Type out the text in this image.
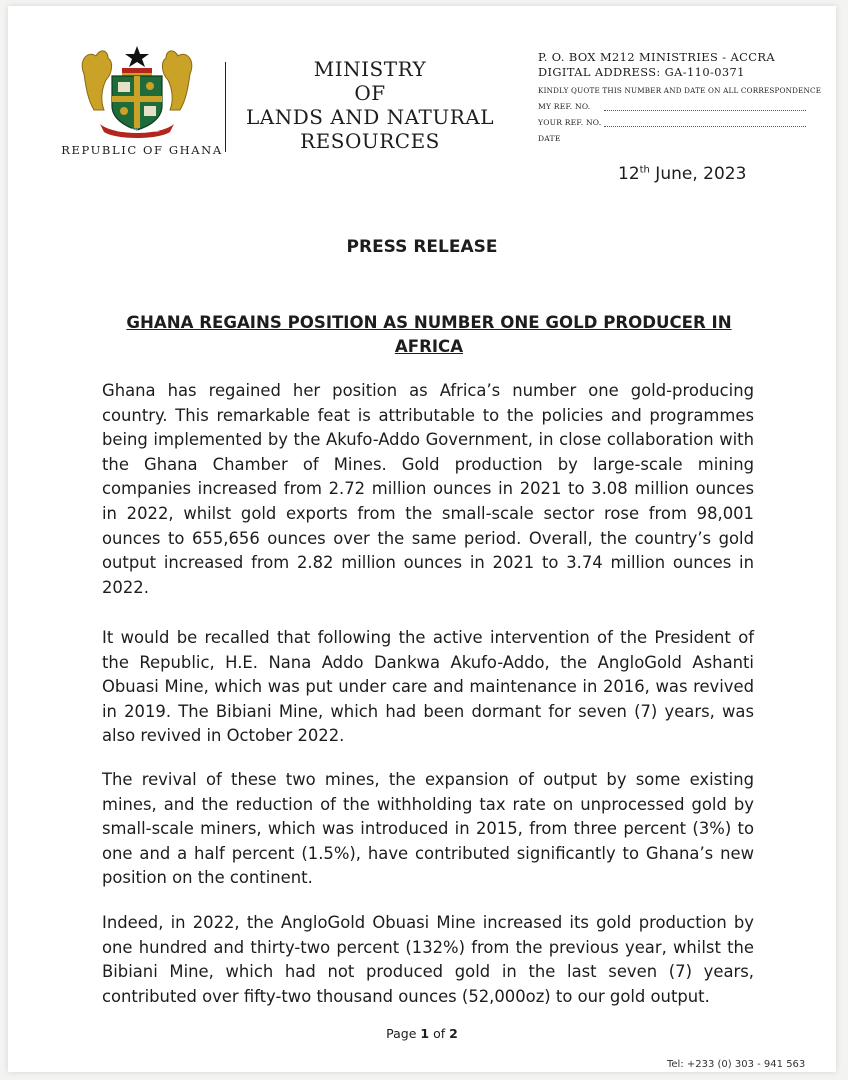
FREEDOM JUSTICE
REPUBLIC OF GHANA
MINISTRY
OF
LANDS AND NATURAL
RESOURCES
P. O. BOX M212 MINISTRIES - ACCRA
DIGITAL ADDRESS: GA-110-0371
KINDLY QUOTE THIS NUMBER AND DATE ON ALL CORRESPONDENCE
MY REF. NO.
YOUR REF. NO.
DATE
12th June, 2023
PRESS RELEASE
GHANA REGAINS POSITION AS NUMBER ONE GOLD PRODUCER IN AFRICA

Ghana has regained her position as Africa’s number one gold-producing country. This remarkable feat is attributable to the policies and programmes being implemented by the Akufo-Addo Government, in close collaboration with the Ghana Chamber of Mines. Gold production by large-scale mining companies increased from 2.72 million ounces in 2021 to 3.08 million ounces in 2022, whilst gold exports from the small-scale sector rose from 98,001 ounces to 655,656 ounces over the same period. Overall, the country’s gold output increased from 2.82 million ounces in 2021 to 3.74 million ounces in 2022.

It would be recalled that following the active intervention of the President of the Republic, H.E. Nana Addo Dankwa Akufo-Addo, the AngloGold Ashanti Obuasi Mine, which was put under care and maintenance in 2016, was revived in 2019. The Bibiani Mine, which had been dormant for seven (7) years, was also revived in October 2022.

The revival of these two mines, the expansion of output by some existing mines, and the reduction of the withholding tax rate on unprocessed gold by small-scale miners, which was introduced in 2015, from three percent (3%) to one and a half percent (1.5%), have contributed significantly to Ghana’s new position on the continent.

Indeed, in 2022, the AngloGold Obuasi Mine increased its gold production by one hundred and thirty-two percent (132%) from the previous year, whilst the Bibiani Mine, which had not produced gold in the last seven (7) years, contributed over fifty-two thousand ounces (52,000oz) to our gold output.

Page 1 of 2
Tel: +233 (0) 303 - 941 563
